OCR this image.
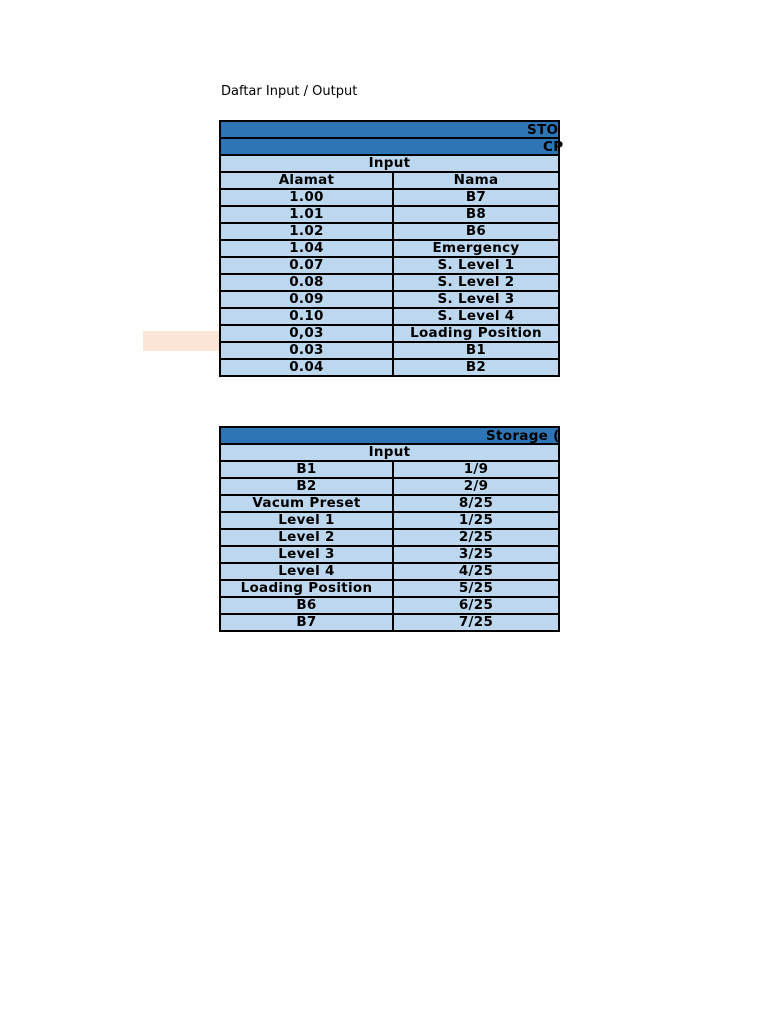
Daftar Input / Output
STO	

CP	

Input	
Alamat	Nama
1.00	B7
1.01	B8
1.02	B6
1.04	Emergency
0.07	S. Level 1
0.08	S. Level 2
0.09	S. Level 3
0.10	S. Level 4
0,03	Loading Position
0.03	B1
0.04	B2
Storage (	

Input	
B1	1/9
B2	2/9
Vacum Preset	8/25
Level 1	1/25
Level 2	2/25
Level 3	3/25
Level 4	4/25
Loading Position	5/25
B6	6/25
B7	7/25
